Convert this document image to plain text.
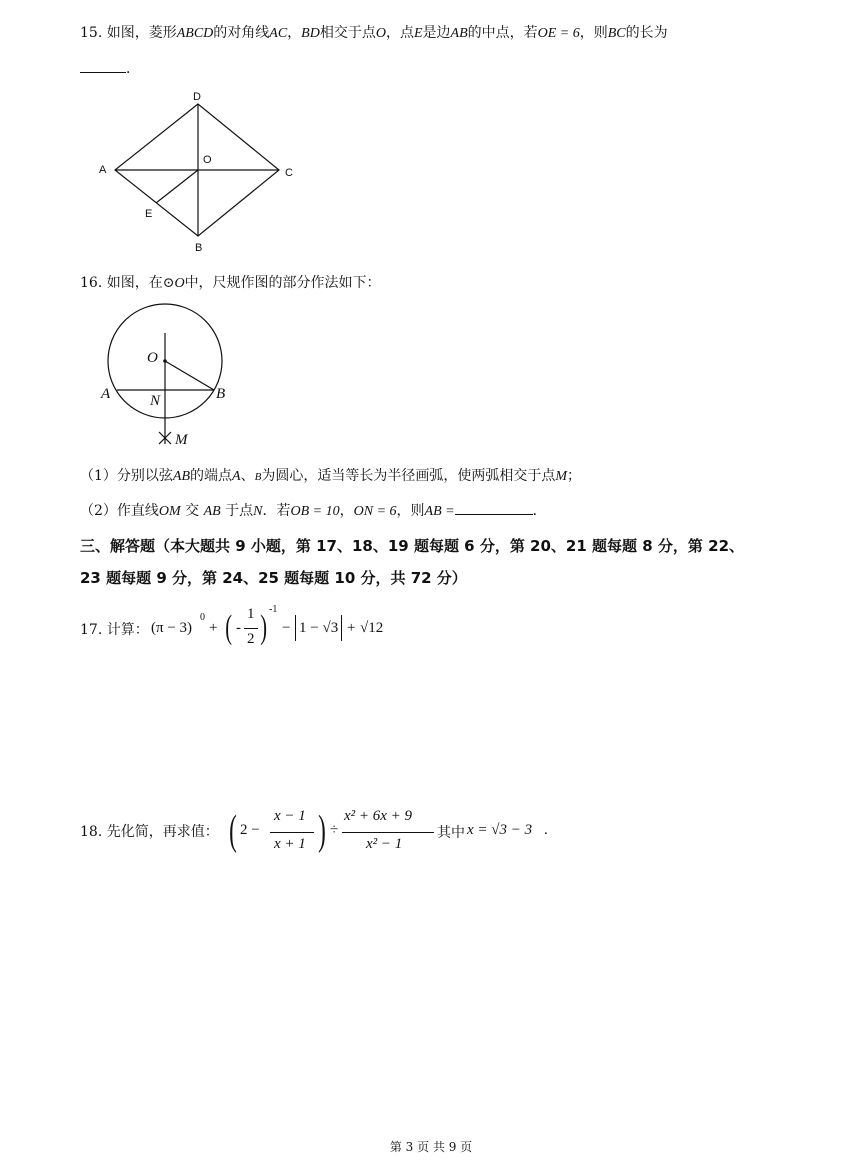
15. 如图，菱形ABCD的对角线AC，BD相交于点O，点E是边AB的中点，若OE = 6，则BC的长为
．
D
A
O
C
E
B
16. 如图，在⊙O中，尺规作图的部分作法如下：
O
A	N	B
M
（1）分别以弦AB的端点A、B为圆心，适当等长为半径画弧，使两弧相交于点M；
（2）作直线OM 交 AB 于点N．若OB = 10，ON = 6，则AB =	．
三、解答题（本大题共 9 小题，第 17、18、19 题每题 6 分，第 20、21 题每题 8 分，第 22、
23 题每题 9 分，第 24、25 题每题 10 分，共 72 分）
17. 计算： (π − 3)
0
+ ( -
1
2 ) -1
− 1 − √3 + √12
18. 先化简，再求值： ( 2 −
x − 1
x + 1 ) ÷
x² + 6x + 9
x² − 1
其中 x = √3 − 3 .
第 3 页 共 9 页
